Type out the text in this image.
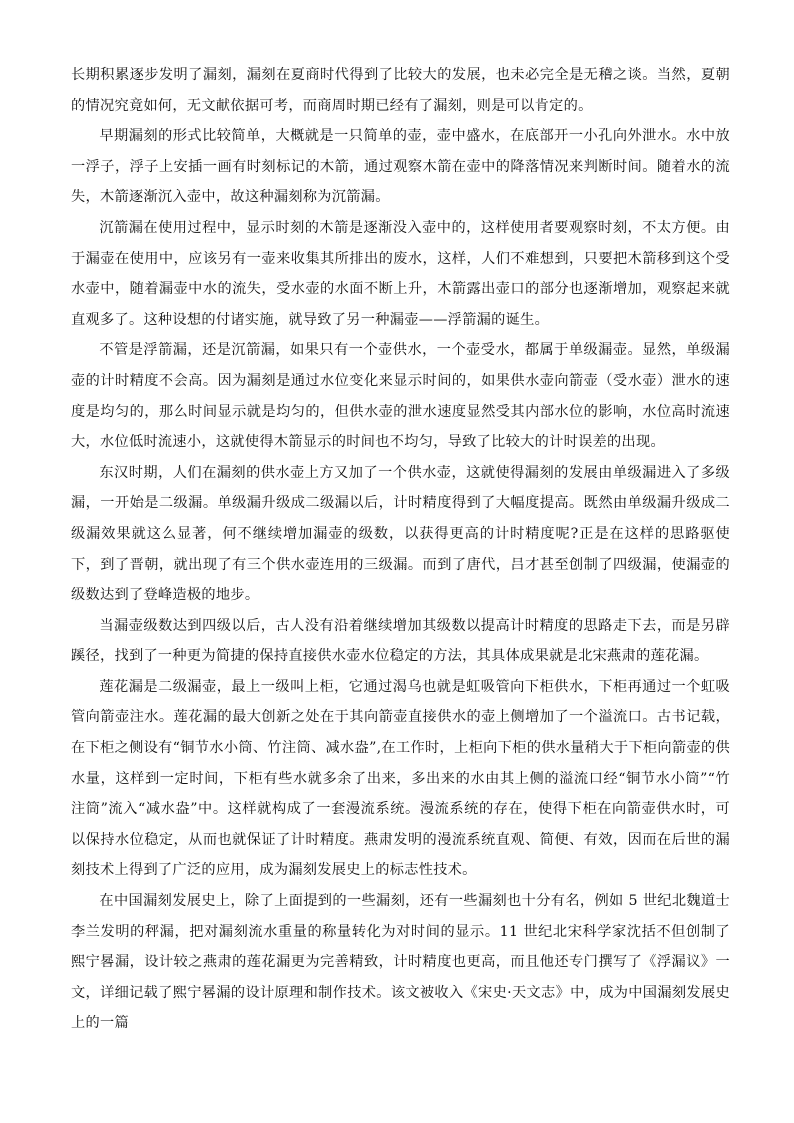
长期积累逐步发明了漏刻，漏刻在夏商时代得到了比较大的发展，也未必完全是无稽之谈。当然，夏朝的情况究竟如何，无文献依据可考，而商周时期已经有了漏刻，则是可以肯定的。

早期漏刻的形式比较简单，大概就是一只简单的壶，壶中盛水，在底部开一小孔向外泄水。水中放一浮子，浮子上安插一画有时刻标记的木箭，通过观察木箭在壶中的降落情况来判断时间。随着水的流失，木箭逐渐沉入壶中，故这种漏刻称为沉箭漏。

沉箭漏在使用过程中，显示时刻的木箭是逐渐没入壶中的，这样使用者要观察时刻，不太方便。由于漏壶在使用中，应该另有一壶来收集其所排出的废水，这样，人们不难想到，只要把木箭移到这个受水壶中，随着漏壶中水的流失，受水壶的水面不断上升，木箭露出壶口的部分也逐渐增加，观察起来就直观多了。这种设想的付诸实施，就导致了另一种漏壶——浮箭漏的诞生。

不管是浮箭漏，还是沉箭漏，如果只有一个壶供水，一个壶受水，都属于单级漏壶。显然，单级漏壶的计时精度不会高。因为漏刻是通过水位变化来显示时间的，如果供水壶向箭壶（受水壶）泄水的速度是均匀的，那么时间显示就是均匀的，但供水壶的泄水速度显然受其内部水位的影响，水位高时流速大，水位低时流速小，这就使得木箭显示的时间也不均匀，导致了比较大的计时误差的出现。

东汉时期，人们在漏刻的供水壶上方又加了一个供水壶，这就使得漏刻的发展由单级漏进入了多级漏，一开始是二级漏。单级漏升级成二级漏以后，计时精度得到了大幅度提高。既然由单级漏升级成二级漏效果就这么显著，何不继续增加漏壶的级数，以获得更高的计时精度呢?正是在这样的思路驱使下，到了晋朝，就出现了有三个供水壶连用的三级漏。而到了唐代，吕才甚至创制了四级漏，使漏壶的级数达到了登峰造极的地步。

当漏壶级数达到四级以后，古人没有沿着继续增加其级数以提高计时精度的思路走下去，而是另辟蹊径，找到了一种更为简捷的保持直接供水壶水位稳定的方法，其具体成果就是北宋燕肃的莲花漏。

莲花漏是二级漏壶，最上一级叫上柜，它通过渴乌也就是虹吸管向下柜供水，下柜再通过一个虹吸管向箭壶注水。莲花漏的最大创新之处在于其向箭壶直接供水的壶上侧增加了一个溢流口。古书记载，在下柜之侧设有“铜节水小筒、竹注筒、减水盎”,在工作时，上柜向下柜的供水量稍大于下柜向箭壶的供水量，这样到一定时间，下柜有些水就多余了出来，多出来的水由其上侧的溢流口经“铜节水小筒”“竹注筒”流入“减水盎”中。这样就构成了一套漫流系统。漫流系统的存在，使得下柜在向箭壶供水时，可以保持水位稳定，从而也就保证了计时精度。燕肃发明的漫流系统直观、简便、有效，因而在后世的漏刻技术上得到了广泛的应用，成为漏刻发展史上的标志性技术。

在中国漏刻发展史上，除了上面提到的一些漏刻，还有一些漏刻也十分有名，例如 5 世纪北魏道士李兰发明的秤漏，把对漏刻流水重量的称量转化为对时间的显示。11 世纪北宋科学家沈括不但创制了熙宁晷漏，设计较之燕肃的莲花漏更为完善精致，计时精度也更高，而且他还专门撰写了《浮漏议》一文，详细记载了熙宁晷漏的设计原理和制作技术。该文被收入《宋史·天文志》中，成为中国漏刻发展史上的一篇
